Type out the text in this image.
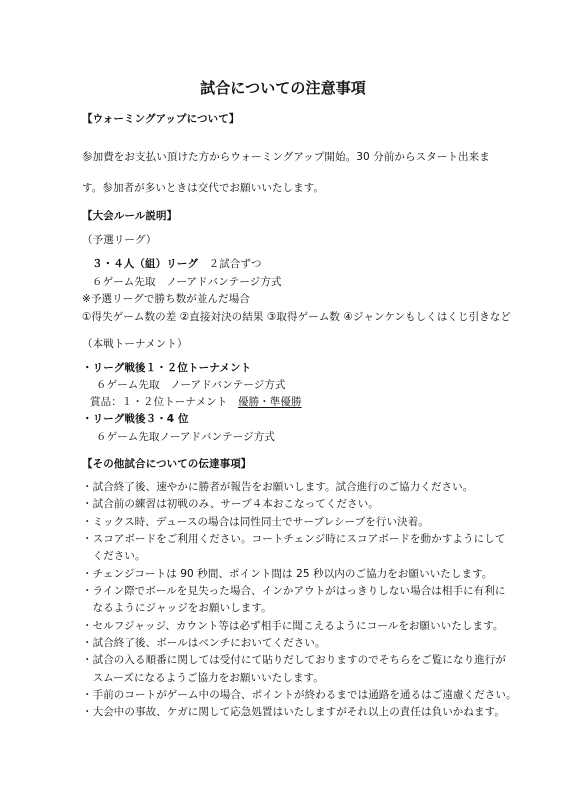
試合についての注意事項
【ウォーミングアップについて】
参加費をお支払い頂けた方からウォーミングアップ開始。30 分前からスタート出来ま
す。参加者が多いときは交代でお願いいたします。
【大会ルール説明】
（予選リーグ）
３・４人（組）リーグ　２試合ずつ
６ゲーム先取　ノーアドバンテージ方式
※予選リーグで勝ち数が並んだ場合
①得失ゲーム数の差 ②直接対決の結果 ③取得ゲーム数 ④ジャンケンもしくはくじ引きなど
（本戦トーナメント）
・リーグ戦後１・２位トーナメント
６ゲーム先取　ノーアドバンテージ方式
賞品：１・２位トーナメント　優勝・準優勝
・リーグ戦後３・4 位
６ゲーム先取ノーアドバンテージ方式
【その他試合についての伝達事項】
・試合終了後、速やかに勝者が報告をお願いします。試合進行のご協力ください。
・試合前の練習は初戦のみ、サーブ４本おこなってください。
・ミックス時、デュースの場合は同性同士でサーブレシーブを行い決着。
・スコアボードをご利用ください。コートチェンジ時にスコアボードを動かすようにして
　ください。
・チェンジコートは 90 秒間、ポイント間は 25 秒以内のご協力をお願いいたします。
・ライン際でボールを見失った場合、インかアウトがはっきりしない場合は相手に有利に
　なるようにジャッジをお願いします。
・セルフジャッジ、カウント等は必ず相手に聞こえるようにコールをお願いいたします。
・試合終了後、ボールはベンチにおいてください。
・試合の入る順番に関しては受付にて貼りだしておりますのでそちらをご覧になり進行が
　スムーズになるようご協力をお願いいたします。
・手前のコートがゲーム中の場合、ポイントが終わるまでは通路を通るはご遠慮ください。
・大会中の事故、ケガに関して応急処置はいたしますがそれ以上の責任は負いかねます。
